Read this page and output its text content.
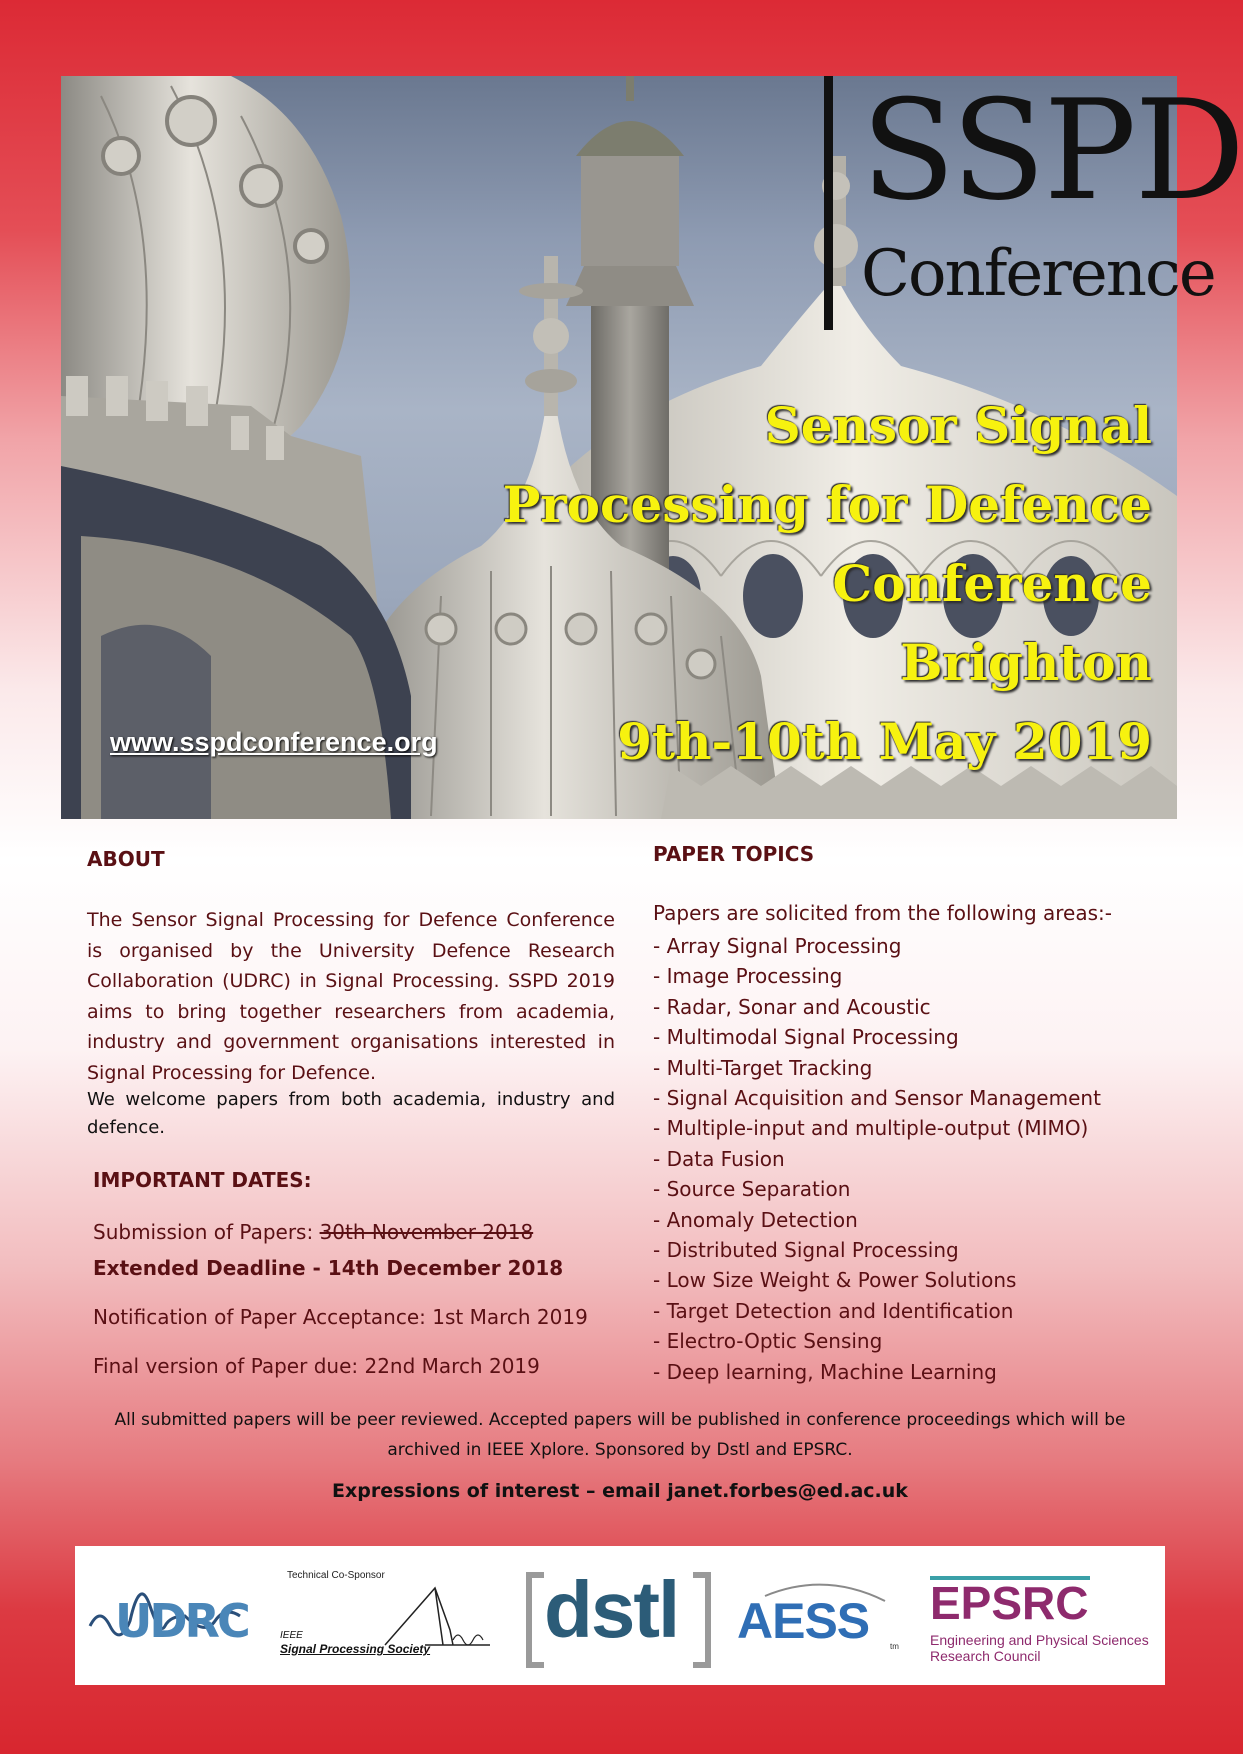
SSPD
Conference
Sensor Signal
Processing for Defence
Conference
Brighton
9th-10th May 2019
www.sspdconference.org
ABOUT
The Sensor Signal Processing for Defence Conference is organised by the University Defence Research Collaboration (UDRC) in Signal Processing. SSPD 2019 aims to bring together researchers from academia, industry and government organisations interested in Signal Processing for Defence.
We welcome papers from both academia, industry and defence.
IMPORTANT DATES:
Submission of Papers: 30th November 2018
Extended Deadline - 14th December 2018
Notification of Paper Acceptance: 1st March 2019
Final version of Paper due: 22nd March 2019
PAPER TOPICS
Papers are solicited from the following areas:-
- Array Signal Processing
- Image Processing
- Radar, Sonar and Acoustic
- Multimodal Signal Processing
- Multi-Target Tracking
- Signal Acquisition and Sensor Management
- Multiple-input and multiple-output (MIMO)
- Data Fusion
- Source Separation
- Anomaly Detection
- Distributed Signal Processing
- Low Size Weight & Power Solutions
- Target Detection and Identification
- Electro-Optic Sensing
- Deep learning, Machine Learning
All submitted papers will be peer reviewed. Accepted papers will be published in conference proceedings which will be archived in IEEE Xplore. Sponsored by Dstl and EPSRC.
Expressions of interest – email janet.forbes@ed.ac.uk
UDRC
Technical Co-Sponsor
IEEE
Signal Processing Society dstl AESS	tm
EPSRC
Engineering and Physical Sciences
Research Council
